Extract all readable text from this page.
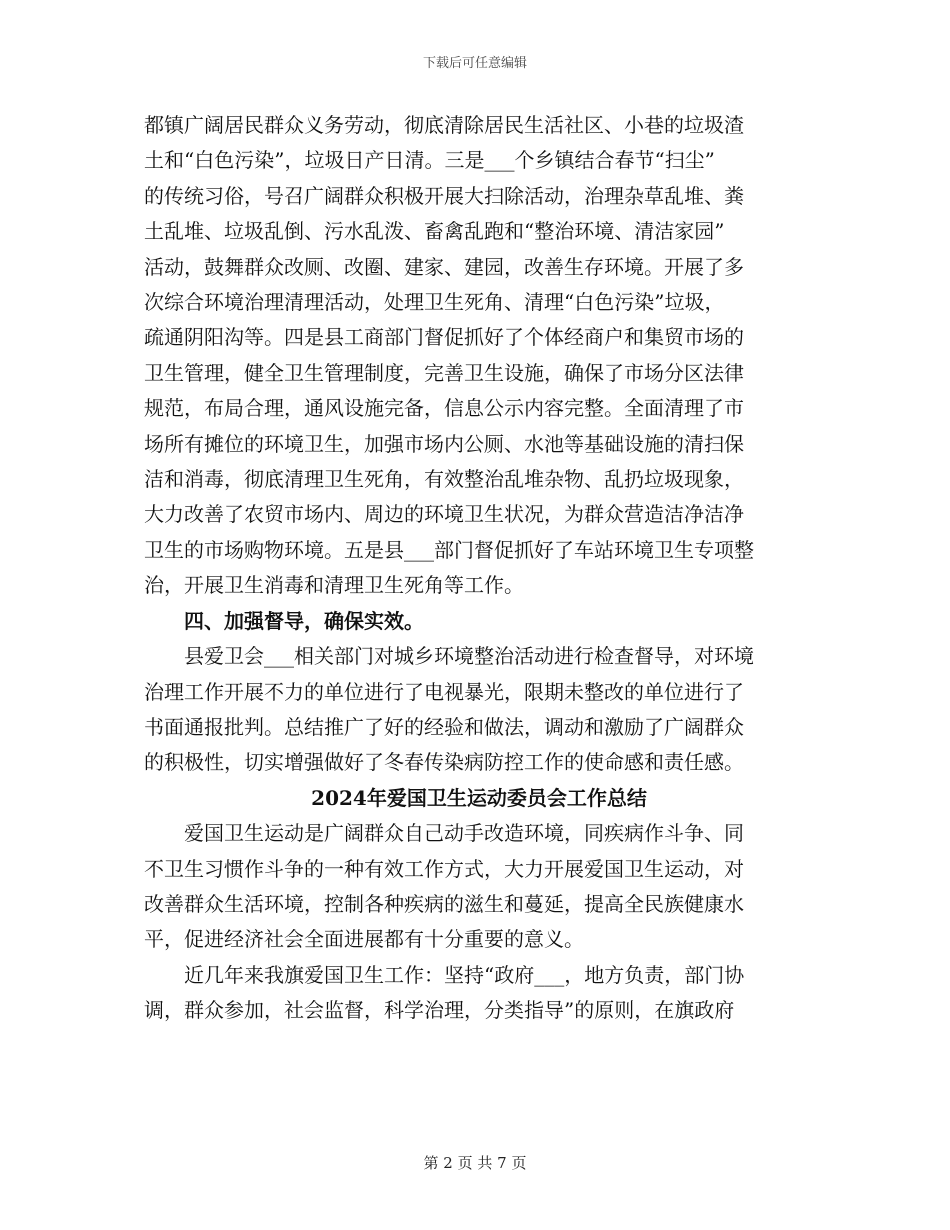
下载后可任意编辑

都镇广阔居民群众义务劳动，彻底清除居民生活社区、小巷的垃圾渣

土和“白色污染”，垃圾日产日清。三是___个乡镇结合春节“扫尘”

的传统习俗，号召广阔群众积极开展大扫除活动，治理杂草乱堆、粪

土乱堆、垃圾乱倒、污水乱泼、畜禽乱跑和“整治环境、清洁家园”

活动，鼓舞群众改厕、改圈、建家、建园，改善生存环境。开展了多

次综合环境治理清理活动，处理卫生死角、清理“白色污染”垃圾，

疏通阴阳沟等。四是县工商部门督促抓好了个体经商户和集贸市场的

卫生管理，健全卫生管理制度，完善卫生设施，确保了市场分区法律

规范，布局合理，通风设施完备，信息公示内容完整。全面清理了市

场所有摊位的环境卫生，加强市场内公厕、水池等基础设施的清扫保

洁和消毒，彻底清理卫生死角，有效整治乱堆杂物、乱扔垃圾现象，

大力改善了农贸市场内、周边的环境卫生状况，为群众营造洁净洁净

卫生的市场购物环境。五是县___部门督促抓好了车站环境卫生专项整

治，开展卫生消毒和清理卫生死角等工作。

四、加强督导，确保实效。

县爱卫会___相关部门对城乡环境整治活动进行检查督导，对环境

治理工作开展不力的单位进行了电视暴光，限期未整改的单位进行了

书面通报批判。总结推广了好的经验和做法，调动和激励了广阔群众

的积极性，切实增强做好了冬春传染病防控工作的使命感和责任感。

2024年爱国卫生运动委员会工作总结

爱国卫生运动是广阔群众自己动手改造环境，同疾病作斗争、同

不卫生习惯作斗争的一种有效工作方式，大力开展爱国卫生运动，对

改善群众生活环境，控制各种疾病的滋生和蔓延，提高全民族健康水

平，促进经济社会全面进展都有十分重要的意义。

近几年来我旗爱国卫生工作：坚持“政府___，地方负责，部门协

调，群众参加，社会监督，科学治理，分类指导”的原则，在旗政府

第 2 页 共 7 页
